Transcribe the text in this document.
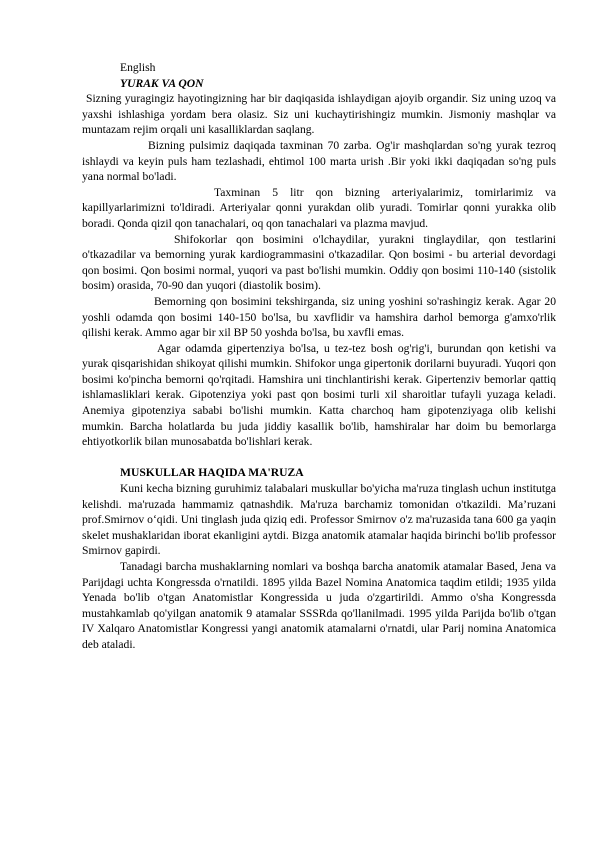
English

YURAK VA QON

Sizning yuragingiz hayotingizning har bir daqiqasida ishlaydigan ajoyib organdir. Siz uning uzoq va yaxshi ishlashiga yordam bera olasiz. Siz uni kuchaytirishingiz mumkin. Jismoniy mashqlar va muntazam rejim orqali uni kasalliklardan saqlang.

Bizning pulsimiz daqiqada taxminan 70 zarba. Og'ir mashqlardan so'ng yurak tezroq ishlaydi va keyin puls ham tezlashadi, ehtimol 100 marta urish .Bir yoki ikki daqiqadan so'ng puls yana normal bo'ladi.

Taxminan 5 litr qon bizning arteriyalarimiz, tomirlarimiz va kapillyarlarimizni to'ldiradi. Arteriyalar qonni yurakdan olib yuradi. Tomirlar qonni yurakka olib boradi. Qonda qizil qon tanachalari, oq qon tanachalari va plazma mavjud.

Shifokorlar qon bosimini o'lchaydilar, yurakni tinglaydilar, qon testlarini o'tkazadilar va bemorning yurak kardiogrammasini o'tkazadilar. Qon bosimi - bu arterial devordagi qon bosimi. Qon bosimi normal, yuqori va past bo'lishi mumkin. Oddiy qon bosimi 110-140 (sistolik bosim) orasida, 70-90 dan yuqori (diastolik bosim).

Bemorning qon bosimini tekshirganda, siz uning yoshini so'rashingiz kerak. Agar 20 yoshli odamda qon bosimi 140-150 bo'lsa, bu xavflidir va hamshira darhol bemorga g'amxo'rlik qilishi kerak. Ammo agar bir xil BP 50 yoshda bo'lsa, bu xavfli emas.

Agar odamda gipertenziya bo'lsa, u tez-tez bosh og'rig'i, burundan qon ketishi va yurak qisqarishidan shikoyat qilishi mumkin. Shifokor unga gipertonik dorilarni buyuradi. Yuqori qon bosimi ko'pincha bemorni qo'rqitadi. Hamshira uni tinchlantirishi kerak. Gipertenziv bemorlar qattiq ishlamasliklari kerak. Gipotenziya yoki past qon bosimi turli xil sharoitlar tufayli yuzaga keladi. Anemiya gipotenziya sababi bo'lishi mumkin. Katta charchoq ham gipotenziyaga olib kelishi mumkin. Barcha holatlarda bu juda jiddiy kasallik bo'lib, hamshiralar har doim bu bemorlarga ehtiyotkorlik bilan munosabatda bo'lishlari kerak.

MUSKULLAR HAQIDA MA'RUZA

Kuni kecha bizning guruhimiz talabalari muskullar bo'yicha ma'ruza tinglash uchun institutga kelishdi. ma'ruzada hammamiz qatnashdik. Ma'ruza barchamiz tomonidan o'tkazildi. Ma’ruzani prof.Smirnov o‘qidi. Uni tinglash juda qiziq edi. Professor Smirnov o'z ma'ruzasida tana 600 ga yaqin skelet mushaklaridan iborat ekanligini aytdi. Bizga anatomik atamalar haqida birinchi bo'lib professor Smirnov gapirdi.

Tanadagi barcha mushaklarning nomlari va boshqa barcha anatomik atamalar Based, Jena va Parijdagi uchta Kongressda o'rnatildi. 1895 yilda Bazel Nomina Anatomica taqdim etildi; 1935 yilda Yenada bo'lib o'tgan Anatomistlar Kongressida u juda o'zgartirildi. Ammo o'sha Kongressda mustahkamlab qo'yilgan anatomik 9 atamalar SSSRda qo'llanilmadi. 1995 yilda Parijda bo'lib o'tgan IV Xalqaro Anatomistlar Kongressi yangi anatomik atamalarni o'rnatdi, ular Parij nomina Anatomica deb ataladi.
